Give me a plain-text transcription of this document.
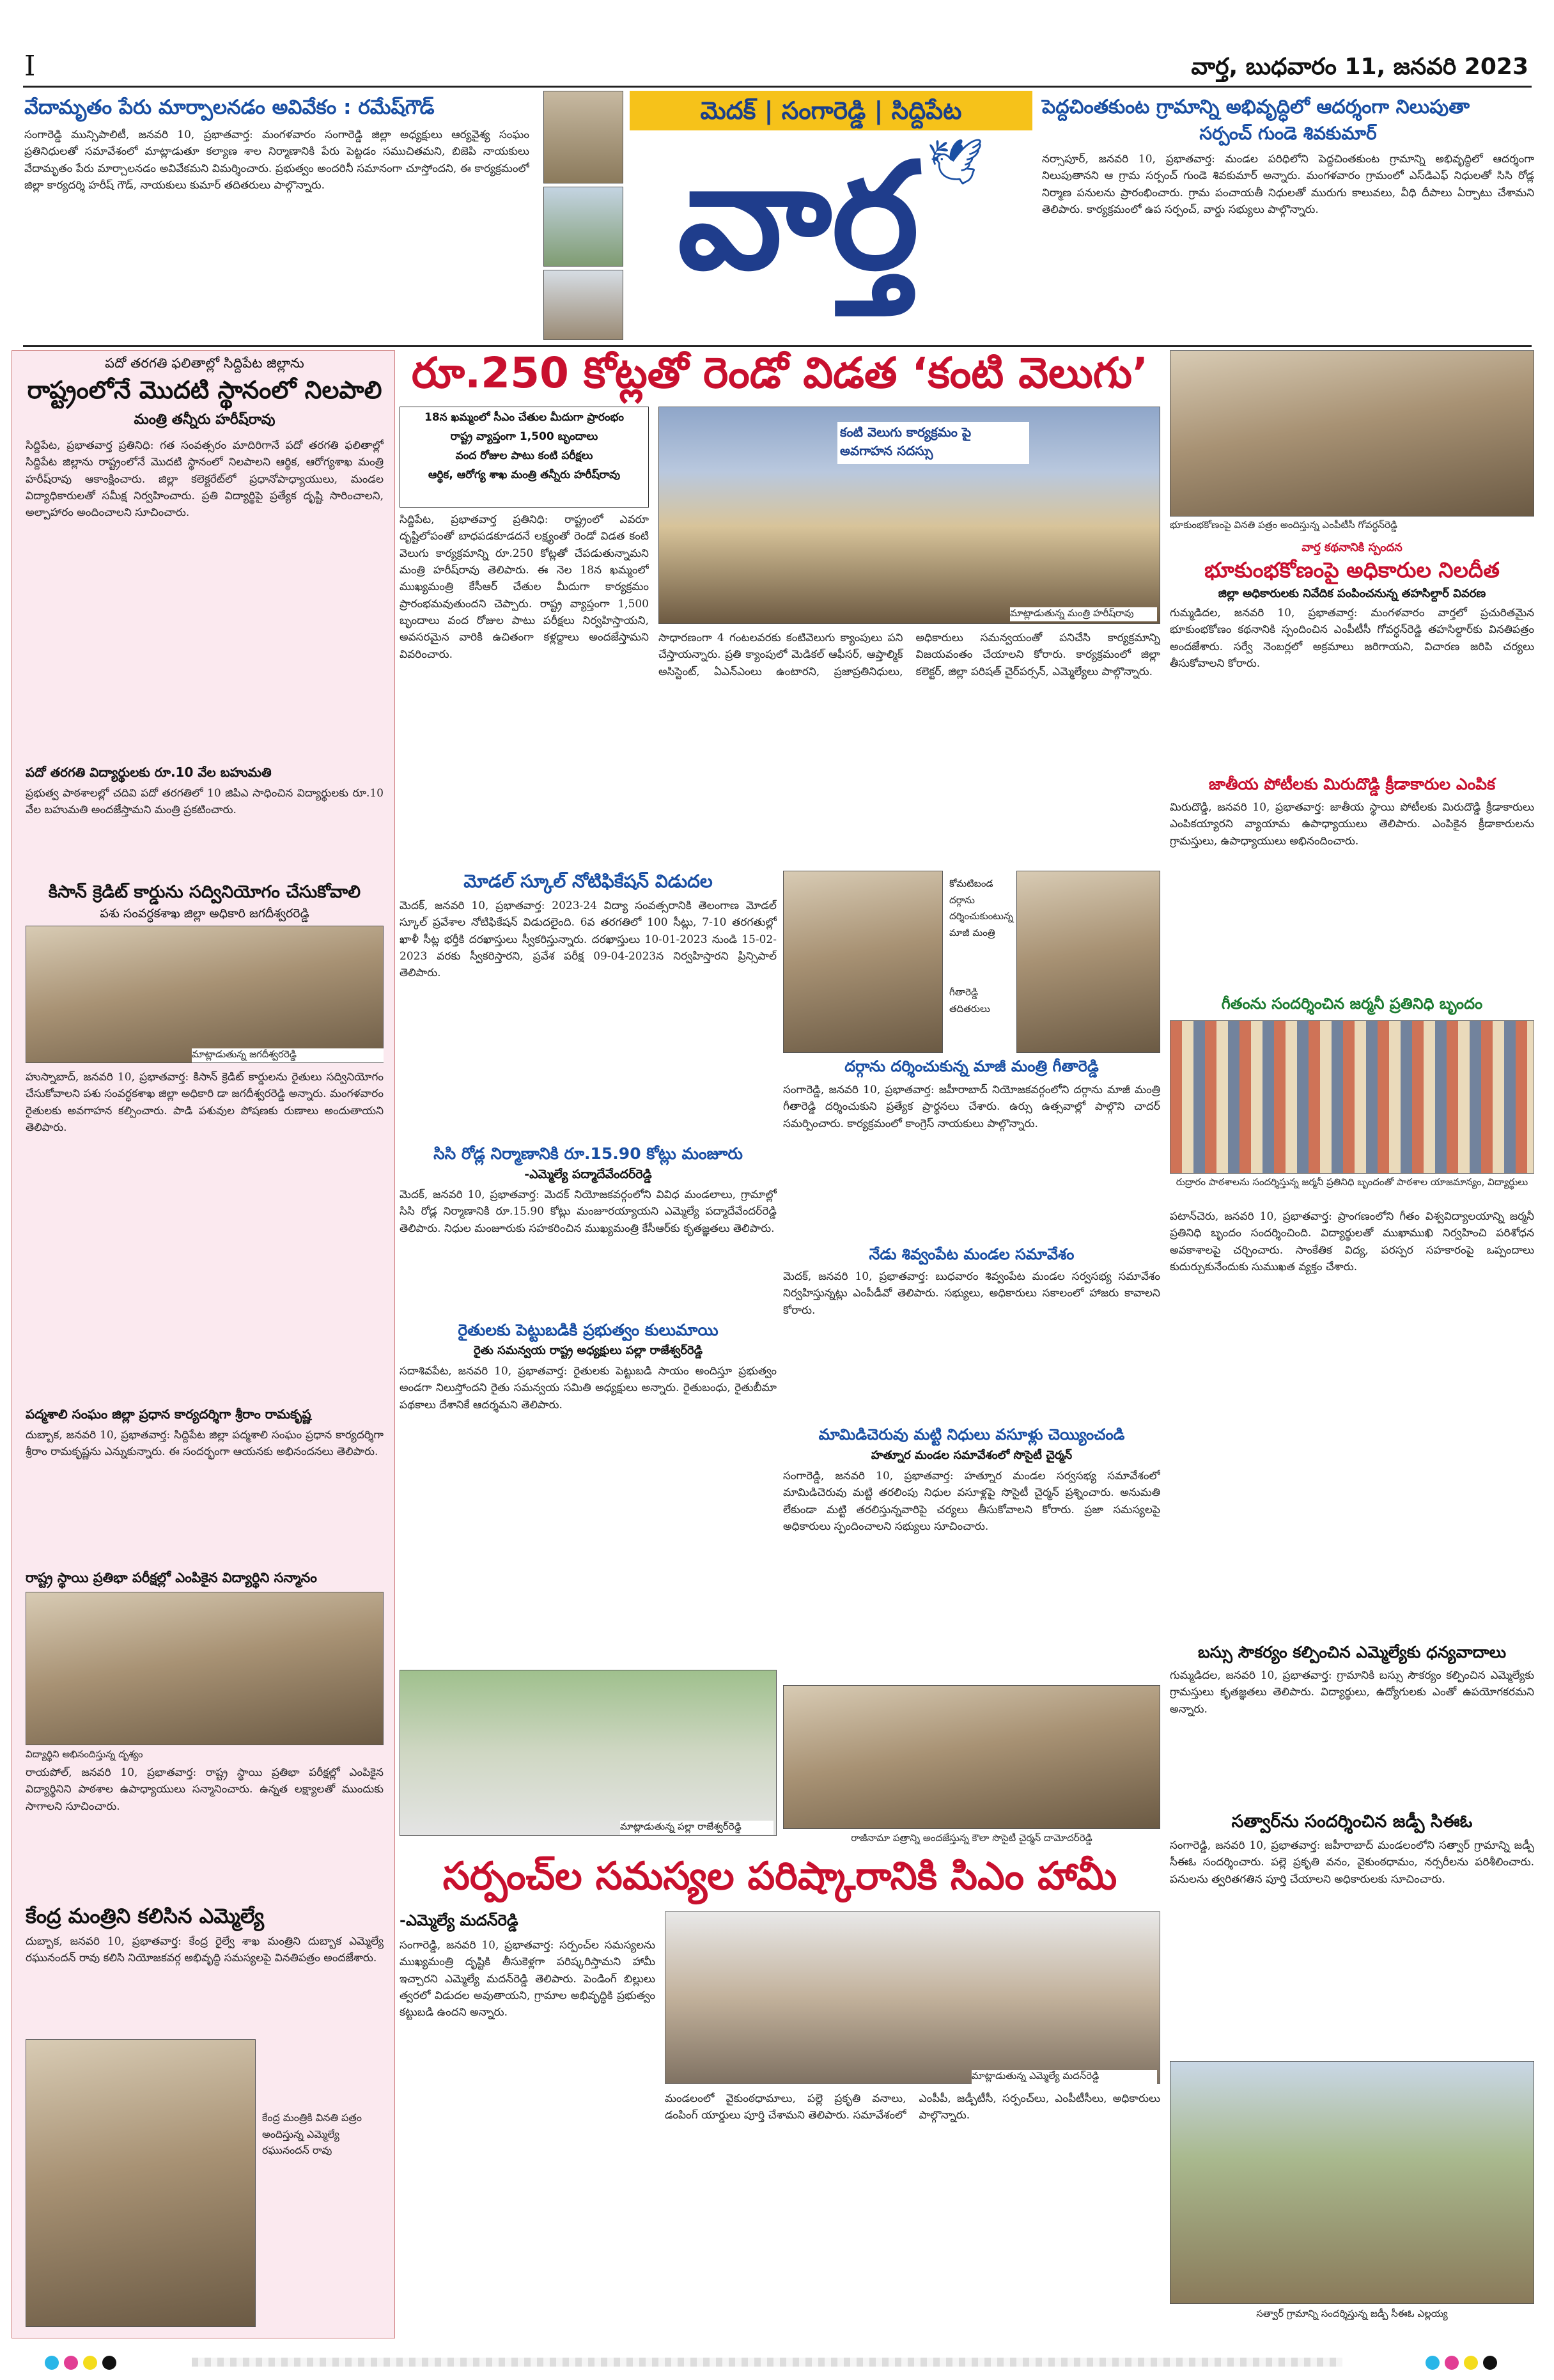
I	వార్త, బుధవారం 11, జనవరి 2023
వేదామృతం పేరు మార్పాలనడం అవివేకం : రమేష్‌గౌడ్
సంగారెడ్డి మున్సిపాలిటీ, జనవరి 10, ప్రభాతవార్త: మంగళవారం సంగారెడ్డి జిల్లా అధ్యక్షులు ఆర్యవైశ్య సంఘం ప్రతినిధులతో సమావేశంలో మాట్లాడుతూ కల్యాణ శాల నిర్మాణానికి పేరు పెట్టడం సముచితమని, బిజెపి నాయకులు వేదామృతం పేరు మార్చాలనడం అవివేకమని విమర్శించారు. ప్రభుత్వం అందరినీ సమానంగా చూస్తోందని, ఈ కార్యక్రమంలో జిల్లా కార్యదర్శి హరీష్ గౌడ్, నాయకులు కుమార్ తదితరులు పాల్గొన్నారు.
మెదక్ | సంగారెడ్డి | సిద్దిపేట
🕊
వార్త
పెద్దచింతకుంట గ్రామాన్ని అభివృద్ధిలో ఆదర్శంగా నిలుపుతా
సర్పంచ్ గుండె శివకుమార్
నర్సాపూర్, జనవరి 10, ప్రభాతవార్త: మండల పరిధిలోని పెద్దచింతకుంట గ్రామాన్ని అభివృద్ధిలో ఆదర్శంగా నిలుపుతానని ఆ గ్రామ సర్పంచ్ గుండె శివకుమార్ అన్నారు. మంగళవారం గ్రామంలో ఎస్‌డిఎఫ్ నిధులతో సిసి రోడ్ల నిర్మాణ పనులను ప్రారంభించారు. గ్రామ పంచాయతీ నిధులతో మురుగు కాలువలు, వీధి దీపాలు ఏర్పాటు చేశామని తెలిపారు. కార్యక్రమంలో ఉప సర్పంచ్, వార్డు సభ్యులు పాల్గొన్నారు.
పదో తరగతి ఫలితాల్లో సిద్దిపేట జిల్లాను
రాష్ట్రంలోనే మొదటి స్థానంలో నిలపాలి
మంత్రి తన్నీరు హరీష్‌రావు
సిద్దిపేట, ప్రభాతవార్త ప్రతినిధి: గత సంవత్సరం మాదిరిగానే పదో తరగతి ఫలితాల్లో సిద్దిపేట జిల్లాను రాష్ట్రంలోనే మొదటి స్థానంలో నిలపాలని ఆర్థిక, ఆరోగ్యశాఖ మంత్రి హరీష్‌రావు ఆకాంక్షించారు. జిల్లా కలెక్టరేట్‌లో ప్రధానోపాధ్యాయులు, మండల విద్యాధికారులతో సమీక్ష నిర్వహించారు. ప్రతి విద్యార్థిపై ప్రత్యేక దృష్టి సారించాలని, అల్పాహారం అందించాలని సూచించారు.
పదో తరగతి విద్యార్థులకు రూ.10 వేల బహుమతి
ప్రభుత్వ పాఠశాలల్లో చదివి పదో తరగతిలో 10 జిపిఎ సాధించిన విద్యార్థులకు రూ.10 వేల బహుమతి అందజేస్తామని మంత్రి ప్రకటించారు.
కిసాన్ క్రెడిట్ కార్డును సద్వినియోగం చేసుకోవాలి
పశు సంవర్ధకశాఖ జిల్లా అధికారి జగదీశ్వరరెడ్డి
మాట్లాడుతున్న జగదీశ్వరరెడ్డి
హుస్నాబాద్, జనవరి 10, ప్రభాతవార్త: కిసాన్ క్రెడిట్ కార్డులను రైతులు సద్వినియోగం చేసుకోవాలని పశు సంవర్ధకశాఖ జిల్లా అధికారి డా జగదీశ్వరరెడ్డి అన్నారు. మంగళవారం రైతులకు అవగాహన కల్పించారు. పాడి పశువుల పోషణకు రుణాలు అందుతాయని తెలిపారు.
పద్మశాలి సంఘం జిల్లా ప్రధాన కార్యదర్శిగా శ్రీరాం రామకృష్ణ
దుబ్బాక, జనవరి 10, ప్రభాతవార్త: సిద్దిపేట జిల్లా పద్మశాలి సంఘం ప్రధాన కార్యదర్శిగా శ్రీరాం రామకృష్ణను ఎన్నుకున్నారు. ఈ సందర్భంగా ఆయనకు అభినందనలు తెలిపారు.
రాష్ట్ర స్థాయి ప్రతిభా పరీక్షల్లో ఎంపికైన విద్యార్థిని సన్మానం
విద్యార్థిని అభినందిస్తున్న దృశ్యం
రాయపోల్, జనవరి 10, ప్రభాతవార్త: రాష్ట్ర స్థాయి ప్రతిభా పరీక్షల్లో ఎంపికైన విద్యార్థినిని పాఠశాల ఉపాధ్యాయులు సన్మానించారు. ఉన్నత లక్ష్యాలతో ముందుకు సాగాలని సూచించారు.
కేంద్ర మంత్రిని కలిసిన ఎమ్మెల్యే
దుబ్బాక, జనవరి 10, ప్రభాతవార్త: కేంద్ర రైల్వే శాఖ మంత్రిని దుబ్బాక ఎమ్మెల్యే రఘునందన్ రావు కలిసి నియోజకవర్గ అభివృద్ధి సమస్యలపై వినతిపత్రం అందజేశారు.
కేంద్ర మంత్రికి వినతి పత్రం అందిస్తున్న ఎమ్మెల్యే రఘునందన్ రావు
రూ.250 కోట్లతో రెండో విడత ‘కంటి వెలుగు’
18న ఖమ్మంలో సీఎం చేతుల మీదుగా ప్రారంభం
రాష్ట్ర వ్యాప్తంగా 1,500 బృందాలు
వంద రోజుల పాటు కంటి పరీక్షలు
ఆర్థిక, ఆరోగ్య శాఖ మంత్రి తన్నీరు హరీష్‌రావు
సిద్దిపేట, ప్రభాతవార్త ప్రతినిధి: రాష్ట్రంలో ఎవరూ దృష్టిలోపంతో బాధపడకూడదనే లక్ష్యంతో రెండో విడత కంటి వెలుగు కార్యక్రమాన్ని రూ.250 కోట్లతో చేపడుతున్నామని మంత్రి హరీష్‌రావు తెలిపారు. ఈ నెల 18న ఖమ్మంలో ముఖ్యమంత్రి కేసీఆర్ చేతుల మీదుగా కార్యక్రమం ప్రారంభమవుతుందని చెప్పారు. రాష్ట్ర వ్యాప్తంగా 1,500 బృందాలు వంద రోజుల పాటు పరీక్షలు నిర్వహిస్తాయని, అవసరమైన వారికి ఉచితంగా కళ్లద్దాలు అందజేస్తామని వివరించారు.
కంటి వెలుగు కార్యక్రమం పై అవగాహన సదస్సు
మాట్లాడుతున్న మంత్రి హరీష్‌రావు
సాధారణంగా 4 గంటలవరకు కంటివెలుగు క్యాంపులు పని చేస్తాయన్నారు. ప్రతి క్యాంపులో మెడికల్ ఆఫీసర్, ఆప్తాల్మిక్ అసిస్టెంట్, ఏఎన్ఎంలు ఉంటారని, ప్రజాప్రతినిధులు, అధికారులు సమన్వయంతో పనిచేసి కార్యక్రమాన్ని విజయవంతం చేయాలని కోరారు. కార్యక్రమంలో జిల్లా కలెక్టర్, జిల్లా పరిషత్ చైర్‌పర్సన్, ఎమ్మెల్యేలు పాల్గొన్నారు.
భూకుంభకోణంపై వినతి పత్రం అందిస్తున్న ఎంపీటీసీ గోవర్ధన్‌రెడ్డి
వార్త కథనానికి స్పందన
భూకుంభకోణంపై అధికారుల నిలదీత
జిల్లా అధికారులకు నివేదిక పంపించనున్న తహసిల్దార్ వివరణ
గుమ్మడిదల, జనవరి 10, ప్రభాతవార్త: మంగళవారం వార్తలో ప్రచురితమైన భూకుంభకోణం కథనానికి స్పందించిన ఎంపీటీసీ గోవర్ధన్‌రెడ్డి తహసిల్దార్‌కు వినతిపత్రం అందజేశారు. సర్వే నెంబర్లలో అక్రమాలు జరిగాయని, విచారణ జరిపి చర్యలు తీసుకోవాలని కోరారు.
జాతీయ పోటీలకు మిరుదొడ్డి క్రీడాకారుల ఎంపిక
మిరుదొడ్డి, జనవరి 10, ప్రభాతవార్త: జాతీయ స్థాయి పోటీలకు మిరుదొడ్డి క్రీడాకారులు ఎంపికయ్యారని వ్యాయామ ఉపాధ్యాయులు తెలిపారు. ఎంపికైన క్రీడాకారులను గ్రామస్తులు, ఉపాధ్యాయులు అభినందించారు.
గీతంను సందర్శించిన జర్మనీ ప్రతినిధి బృందం
రుద్రారం పాఠశాలను సందర్శిస్తున్న జర్మనీ ప్రతినిధి బృందంతో పాఠశాల యాజమాన్యం, విద్యార్థులు
పటాన్‌చెరు, జనవరి 10, ప్రభాతవార్త: ప్రాంగణంలోని గీతం విశ్వవిద్యాలయాన్ని జర్మనీ ప్రతినిధి బృందం సందర్శించింది. విద్యార్థులతో ముఖాముఖి నిర్వహించి పరిశోధన అవకాశాలపై చర్చించారు. సాంకేతిక విద్య, పరస్పర సహకారంపై ఒప్పందాలు కుదుర్చుకునేందుకు సుముఖత వ్యక్తం చేశారు.
బస్సు సౌకర్యం కల్పించిన ఎమ్మెల్యేకు ధన్యవాదాలు
గుమ్మడిదల, జనవరి 10, ప్రభాతవార్త: గ్రామానికి బస్సు సౌకర్యం కల్పించిన ఎమ్మెల్యేకు గ్రామస్తులు కృతజ్ఞతలు తెలిపారు. విద్యార్థులు, ఉద్యోగులకు ఎంతో ఉపయోగకరమని అన్నారు.
సత్వార్‌ను సందర్శించిన జడ్పీ సిఈఓ
సంగారెడ్డి, జనవరి 10, ప్రభాతవార్త: జహీరాబాద్ మండలంలోని సత్వార్ గ్రామాన్ని జడ్పీ సీఈఓ సందర్శించారు. పల్లె ప్రకృతి వనం, వైకుంఠధామం, నర్సరీలను పరిశీలించారు. పనులను త్వరితగతిన పూర్తి చేయాలని అధికారులకు సూచించారు.
సత్వార్ గ్రామాన్ని సందర్శిస్తున్న జడ్పీ సీఈఓ ఎల్లయ్య
మోడల్ స్కూల్ నోటిఫికేషన్ విడుదల
మెదక్, జనవరి 10, ప్రభాతవార్త: 2023-24 విద్యా సంవత్సరానికి తెలంగాణ మోడల్ స్కూల్ ప్రవేశాల నోటిఫికేషన్ విడుదలైంది. 6వ తరగతిలో 100 సీట్లు, 7-10 తరగతుల్లో ఖాళీ సీట్ల భర్తీకి దరఖాస్తులు స్వీకరిస్తున్నారు. దరఖాస్తులు 10-01-2023 నుండి 15-02-2023 వరకు స్వీకరిస్తారని, ప్రవేశ పరీక్ష 09-04-2023న నిర్వహిస్తారని ప్రిన్సిపాల్ తెలిపారు.
సిసి రోడ్ల నిర్మాణానికి రూ.15.90 కోట్లు మంజూరు
-ఎమ్మెల్యే పద్మాదేవేందర్‌రెడ్డి
మెదక్, జనవరి 10, ప్రభాతవార్త: మెదక్ నియోజకవర్గంలోని వివిధ మండలాలు, గ్రామాల్లో సిసి రోడ్ల నిర్మాణానికి రూ.15.90 కోట్లు మంజూరయ్యాయని ఎమ్మెల్యే పద్మాదేవేందర్‌రెడ్డి తెలిపారు. నిధుల మంజూరుకు సహకరించిన ముఖ్యమంత్రి కేసీఆర్‌కు కృతజ్ఞతలు తెలిపారు.
రైతులకు పెట్టుబడికి ప్రభుత్వం కులుమాయి
రైతు సమన్వయ రాష్ట్ర అధ్యక్షులు పల్లా రాజేశ్వర్‌రెడ్డి
సదాశివపేట, జనవరి 10, ప్రభాతవార్త: రైతులకు పెట్టుబడి సాయం అందిస్తూ ప్రభుత్వం అండగా నిలుస్తోందని రైతు సమన్వయ సమితి అధ్యక్షులు అన్నారు. రైతుబంధు, రైతుబీమా పథకాలు దేశానికే ఆదర్శమని తెలిపారు.
మాట్లాడుతున్న పల్లా రాజేశ్వర్‌రెడ్డి
కోమటిబండ దర్గాను దర్శించుకుంటున్న మాజీ మంత్రి
గీతారెడ్డి తదితరులు
దర్గాను దర్శించుకున్న మాజీ మంత్రి గీతారెడ్డి
సంగారెడ్డి, జనవరి 10, ప్రభాతవార్త: జహీరాబాద్ నియోజకవర్గంలోని దర్గాను మాజీ మంత్రి గీతారెడ్డి దర్శించుకుని ప్రత్యేక ప్రార్థనలు చేశారు. ఉర్సు ఉత్సవాల్లో పాల్గొని చాదర్ సమర్పించారు. కార్యక్రమంలో కాంగ్రెస్ నాయకులు పాల్గొన్నారు.
నేడు శివ్వంపేట మండల సమావేశం
మెదక్, జనవరి 10, ప్రభాతవార్త: బుధవారం శివ్వంపేట మండల సర్వసభ్య సమావేశం నిర్వహిస్తున్నట్లు ఎంపీడీవో తెలిపారు. సభ్యులు, అధికారులు సకాలంలో హాజరు కావాలని కోరారు.
మామిడిచెరువు మట్టి నిధులు వసూళ్లు చెయ్యించండి
హత్నూర మండల సమావేశంలో సొసైటీ చైర్మన్
సంగారెడ్డి, జనవరి 10, ప్రభాతవార్త: హత్నూర మండల సర్వసభ్య సమావేశంలో మామిడిచెరువు మట్టి తరలింపు నిధుల వసూళ్లపై సొసైటీ చైర్మన్ ప్రశ్నించారు. అనుమతి లేకుండా మట్టి తరలిస్తున్నవారిపై చర్యలు తీసుకోవాలని కోరారు. ప్రజా సమస్యలపై అధికారులు స్పందించాలని సభ్యులు సూచించారు.
రాజీనామా పత్రాన్ని అందజేస్తున్న కౌలా సొసైటీ చైర్మన్ దామోదర్‌రెడ్డి
సర్పంచ్‌ల సమస్యల పరిష్కారానికి సిఎం హామీ
-ఎమ్మెల్యే మదన్‌రెడ్డి
సంగారెడ్డి, జనవరి 10, ప్రభాతవార్త: సర్పంచ్‌ల సమస్యలను ముఖ్యమంత్రి దృష్టికి తీసుకెళ్లగా పరిష్కరిస్తామని హామీ ఇచ్చారని ఎమ్మెల్యే మదన్‌రెడ్డి తెలిపారు. పెండింగ్ బిల్లులు త్వరలో విడుదల అవుతాయని, గ్రామాల అభివృద్ధికి ప్రభుత్వం కట్టుబడి ఉందని అన్నారు.
మాట్లాడుతున్న ఎమ్మెల్యే మదన్‌రెడ్డి
మండలంలో వైకుంఠధామాలు, పల్లె ప్రకృతి వనాలు, డంపింగ్ యార్డులు పూర్తి చేశామని తెలిపారు. సమావేశంలో ఎంపీపీ, జడ్పీటీసీ, సర్పంచ్‌లు, ఎంపీటీసీలు, అధికారులు పాల్గొన్నారు.
